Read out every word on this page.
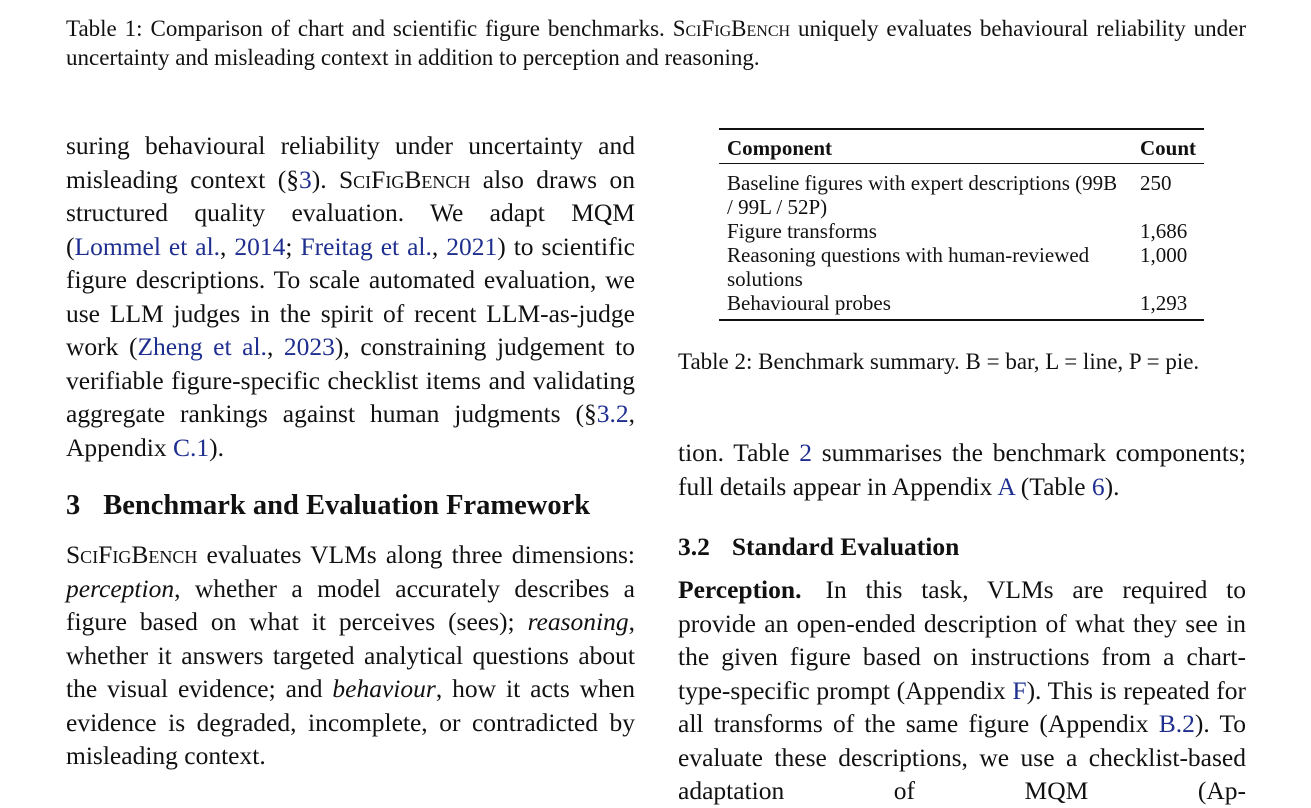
Table 1: Comparison of chart and scientific figure benchmarks. SciFigBench uniquely evaluates behavioural reliability under uncertainty and misleading context in addition to perception and reasoning.

suring behavioural reliability under uncertainty and misleading context (§3). SciFigBench also draws on structured quality evaluation. We adapt MQM (Lommel et al., 2014; Freitag et al., 2021) to scientific figure descriptions. To scale automated evaluation, we use LLM judges in the spirit of recent LLM-as-judge work (Zheng et al., 2023), constraining judgement to verifiable figure-specific checklist items and validating aggregate rankings against human judgments (§3.2, Appendix C.1).

3 Benchmark and Evaluation Framework

SciFigBench evaluates VLMs along three dimensions: perception, whether a model accurately describes a figure based on what it perceives (sees); reasoning, whether it answers targeted analytical questions about the visual evidence; and behaviour, how it acts when evidence is degraded, incomplete, or contradicted by misleading context.

Component	Count
Baseline figures with expert descriptions (99B / 99L / 52P)	250
Figure transforms	1,686
Reasoning questions with human-reviewed solutions	1,000
Behavioural probes	1,293

Table 2: Benchmark summary. B = bar, L = line, P = pie.

tion. Table 2 summarises the benchmark components; full details appear in Appendix A (Table 6).

3.2 Standard Evaluation

Perception. In this task, VLMs are required to provide an open-ended description of what they see in the given figure based on instructions from a chart-type-specific prompt (Appendix F). This is repeated for all transforms of the same figure (Appendix B.2). To evaluate these descriptions, we use a checklist-based adaptation of MQM (Ap-
